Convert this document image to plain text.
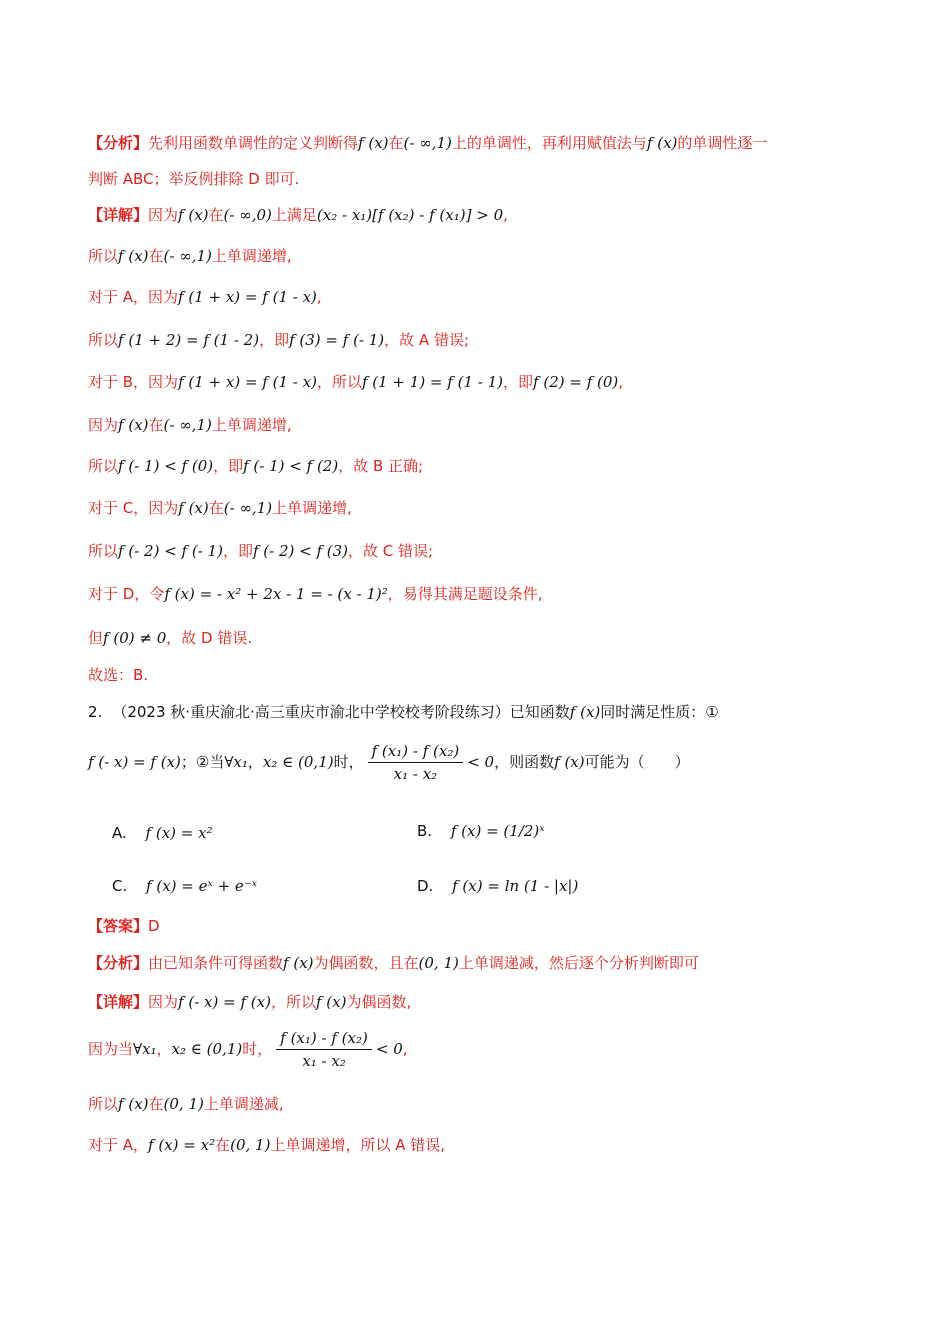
【分析】先利用函数单调性的定义判断得f (x)在(- ∞,1)上的单调性，再利用赋值法与f (x)的单调性逐一
判断 ABC；举反例排除 D 即可.
【详解】因为f (x)在(- ∞,0)上满足(x₂ - x₁)[f (x₂) - f (x₁)] > 0,
所以f (x)在(- ∞,1)上单调递增,
对于 A，因为f (1 + x) = f (1 - x),
所以f (1 + 2) = f (1 - 2)，即f (3) = f (- 1)，故 A 错误;
对于 B，因为f (1 + x) = f (1 - x)，所以f (1 + 1) = f (1 - 1)，即f (2) = f (0),
因为f (x)在(- ∞,1)上单调递增,
所以f (- 1) < f (0)，即f (- 1) < f (2)，故 B 正确;
对于 C，因为f (x)在(- ∞,1)上单调递增,
所以f (- 2) < f (- 1)，即f (- 2) < f (3)，故 C 错误;
对于 D，令f (x) = - x² + 2x - 1 = - (x - 1)²，易得其满足题设条件,
但f (0) ≠ 0，故 D 错误.
故选：B.
2. （2023 秋·重庆渝北·高三重庆市渝北中学校校考阶段练习）已知函数f (x)同时满足性质：①
f (- x) = f (x)；②当∀x₁，x₂ ∈ (0,1)时， $\frac{\text{f (x₁) - f (x₂)}}{\text{x₁ - x₂}} < 0$，则函数f (x)可能为（　　）
A. f (x) = x²	B. f (x) = (1/2)ˣ
C. f (x) = eˣ + e⁻ˣ	D. f (x) = ln (1 - |x|)
【答案】D
【分析】由已知条件可得函数f (x)为偶函数，且在(0, 1)上单调递减，然后逐个分析判断即可
【详解】因为f (- x) = f (x)，所以f (x)为偶函数,
因为当∀x₁，x₂ ∈ (0,1)时， $\frac{\text{f (x₁) - f (x₂)}}{\text{x₁ - x₂}} < 0$,
所以f (x)在(0, 1)上单调递减,
对于 A，f (x) = x²在(0, 1)上单调递增，所以 A 错误,
